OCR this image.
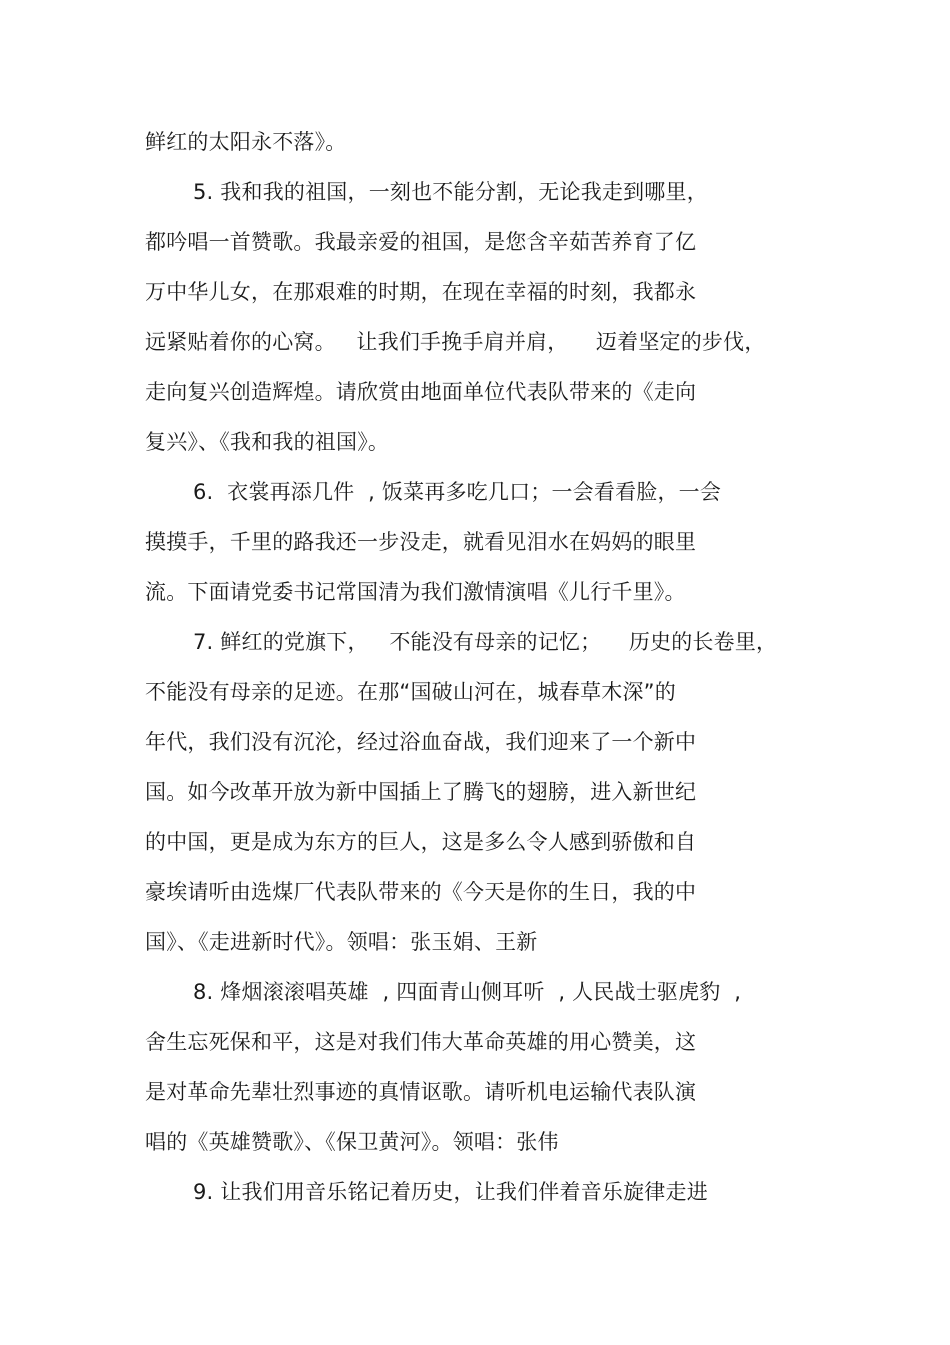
鲜红的太阳永不落》。
5. 我和我的祖国，一刻也不能分割，无论我走到哪里，
都吟唱一首赞歌。我最亲爱的祖国，是您含辛茹苦养育了亿
万中华儿女，在那艰难的时期，在现在幸福的时刻，我都永
远紧贴着你的心窝。   让我们手挽手肩并肩，    迈着坚定的步伐，
走向复兴创造辉煌。请欣赏由地面单位代表队带来的《走向
复兴》、《我和我的祖国》。
6.  衣裳再添几件  , 饭菜再多吃几口；一会看看脸，一会
摸摸手，千里的路我还一步没走，就看见泪水在妈妈的眼里
流。下面请党委书记常国清为我们激情演唱《儿行千里》。
7. 鲜红的党旗下，   不能没有母亲的记忆；    历史的长卷里，
不能没有母亲的足迹。在那“国破山河在，城春草木深”的
年代，我们没有沉沦，经过浴血奋战，我们迎来了一个新中
国。如今改革开放为新中国插上了腾飞的翅膀，进入新世纪
的中国，更是成为东方的巨人，这是多么令人感到骄傲和自
豪埃请听由选煤厂代表队带来的《今天是你的生日，我的中
国》、《走进新时代》。领唱：张玉娟、王新
8. 烽烟滚滚唱英雄  , 四面青山侧耳听  , 人民战士驱虎豹  ,
舍生忘死保和平，这是对我们伟大革命英雄的用心赞美，这
是对革命先辈壮烈事迹的真情讴歌。请听机电运输代表队演
唱的《英雄赞歌》、《保卫黄河》。领唱：张伟
9. 让我们用音乐铭记着历史，让我们伴着音乐旋律走进
